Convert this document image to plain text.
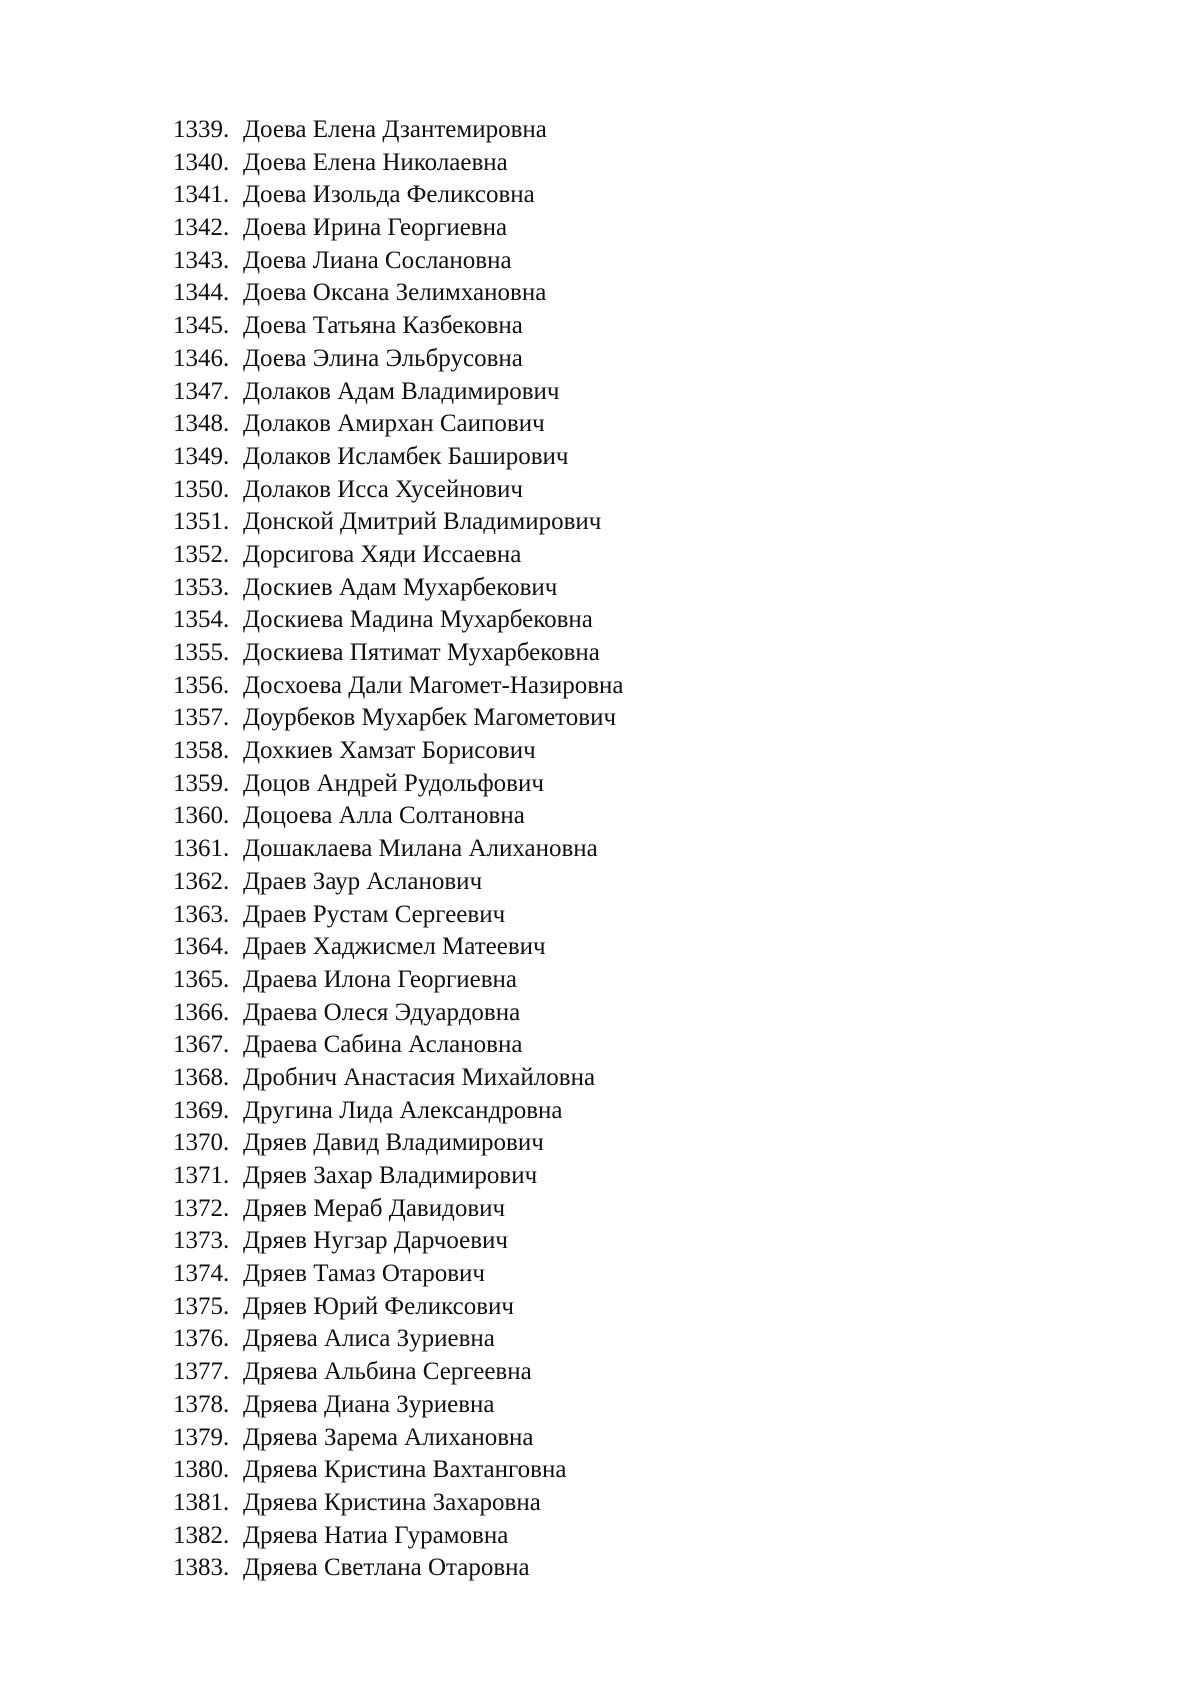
1339. Доева Елена Дзантемировна
1340. Доева Елена Николаевна
1341. Доева Изольда Феликсовна
1342. Доева Ирина Георгиевна
1343. Доева Лиана Сослановна
1344. Доева Оксана Зелимхановна
1345. Доева Татьяна Казбековна
1346. Доева Элина Эльбрусовна
1347. Долаков Адам Владимирович
1348. Долаков Амирхан Саипович
1349. Долаков Исламбек Баширович
1350. Долаков Исса Хусейнович
1351. Донской Дмитрий Владимирович
1352. Дорсигова Хяди Иссаевна
1353. Доскиев Адам Мухарбекович
1354. Доскиева Мадина Мухарбековна
1355. Доскиева Пятимат Мухарбековна
1356. Досхоева Дали Магомет-Назировна
1357. Доурбеков Мухарбек Магометович
1358. Дохкиев Хамзат Борисович
1359. Доцов Андрей Рудольфович
1360. Доцоева Алла Солтановна
1361. Дошаклаева Милана Алихановна
1362. Драев Заур Асланович
1363. Драев Рустам Сергеевич
1364. Драев Хаджисмел Матеевич
1365. Драева Илона Георгиевна
1366. Драева Олеся Эдуардовна
1367. Драева Сабина Аслановна
1368. Дробнич Анастасия Михайловна
1369. Другина Лида Александровна
1370. Дряев Давид Владимирович
1371. Дряев Захар Владимирович
1372. Дряев Мераб Давидович
1373. Дряев Нугзар Дарчоевич
1374. Дряев Тамаз Отарович
1375. Дряев Юрий Феликсович
1376. Дряева Алиса Зуриевна
1377. Дряева Альбина Сергеевна
1378. Дряева Диана Зуриевна
1379. Дряева Зарема Алихановна
1380. Дряева Кристина Вахтанговна
1381. Дряева Кристина Захаровна
1382. Дряева Натиа Гурамовна
1383. Дряева Светлана Отаровна
